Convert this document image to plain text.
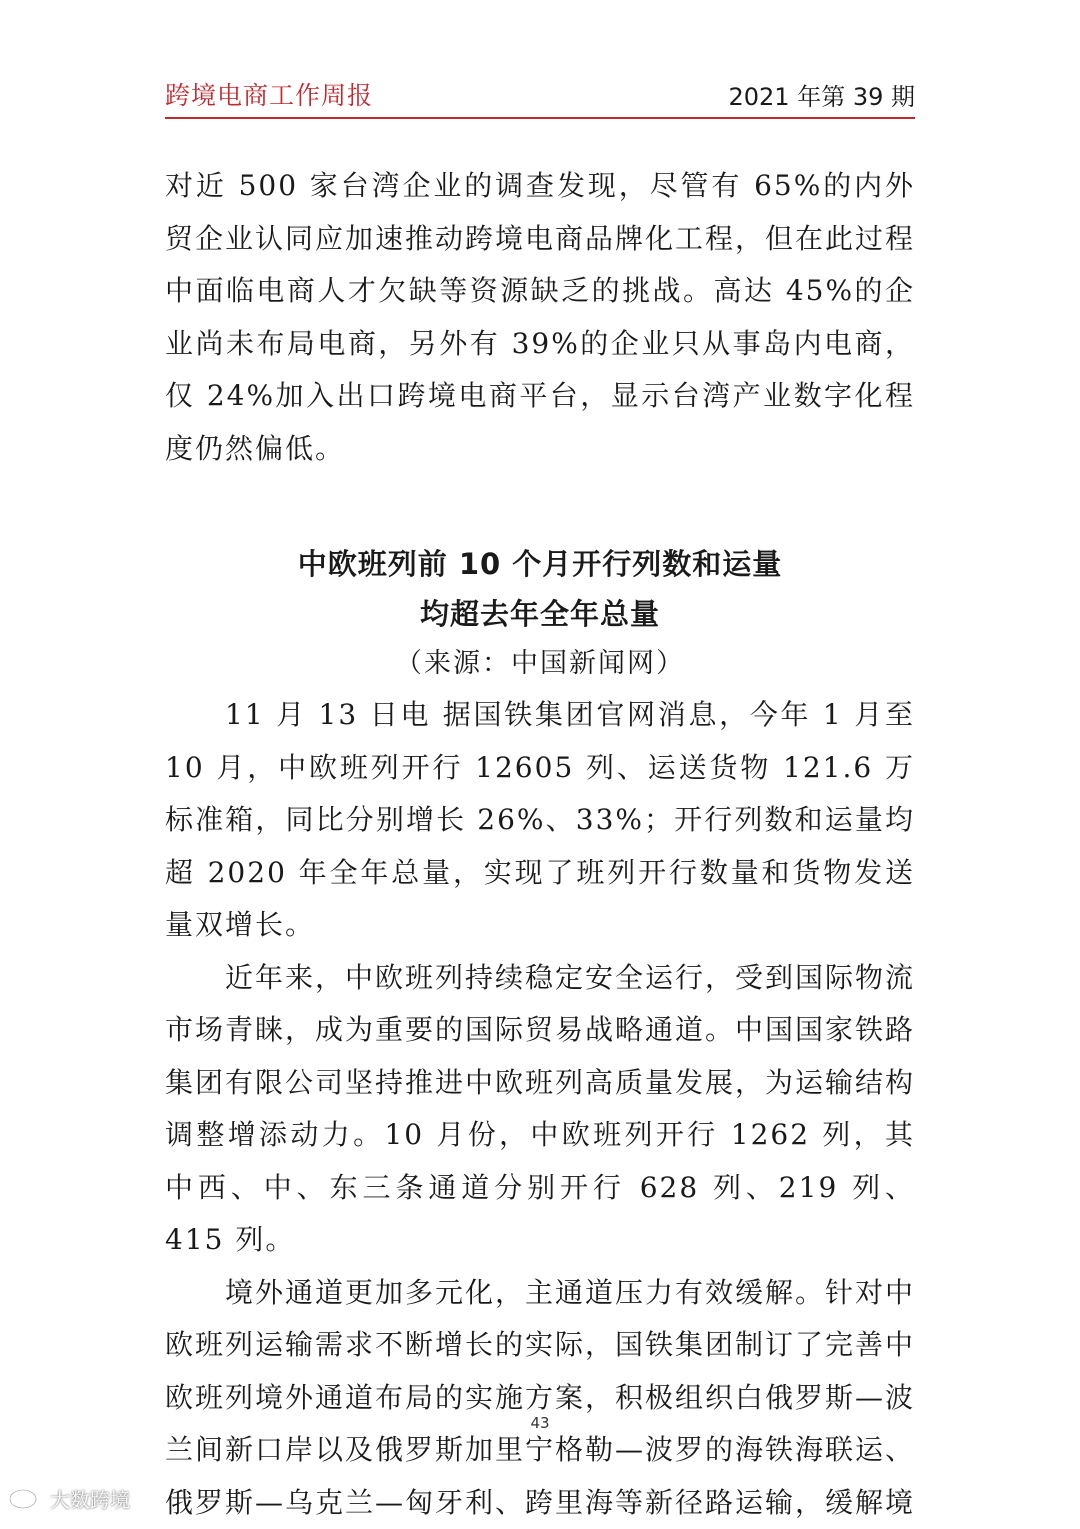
跨境电商工作周报	2021 年第 39 期

对近 500 家台湾企业的调查发现，尽管有 65%的内外贸企业认同应加速推动跨境电商品牌化工程，但在此过程中面临电商人才欠缺等资源缺乏的挑战。高达 45%的企业尚未布局电商，另外有 39%的企业只从事岛内电商，仅 24%加入出口跨境电商平台，显示台湾产业数字化程度仍然偏低。

中欧班列前 10 个月开行列数和运量
均超去年全年总量

（来源：中国新闻网）

11 月 13 日电 据国铁集团官网消息，今年 1 月至 10 月，中欧班列开行 12605 列、运送货物 121.6 万标准箱，同比分别增长 26%、33%；开行列数和运量均超 2020 年全年总量，实现了班列开行数量和货物发送量双增长。

近年来，中欧班列持续稳定安全运行，受到国际物流市场青睐，成为重要的国际贸易战略通道。中国国家铁路集团有限公司坚持推进中欧班列高质量发展，为运输结构调整增添动力。10 月份，中欧班列开行 1262 列，其中西、中、东三条通道分别开行 628 列、219 列、415 列。

境外通道更加多元化，主通道压力有效缓解。针对中欧班列运输需求不断增长的实际，国铁集团制订了完善中欧班列境外通道布局的实施方案，积极组织白俄罗斯—波兰间新口岸以及俄罗斯加里宁格勒—波罗的海铁海联运、俄罗斯—乌克兰—匈牙利、跨里海等新径路运输，缓解境

43
大数跨境
